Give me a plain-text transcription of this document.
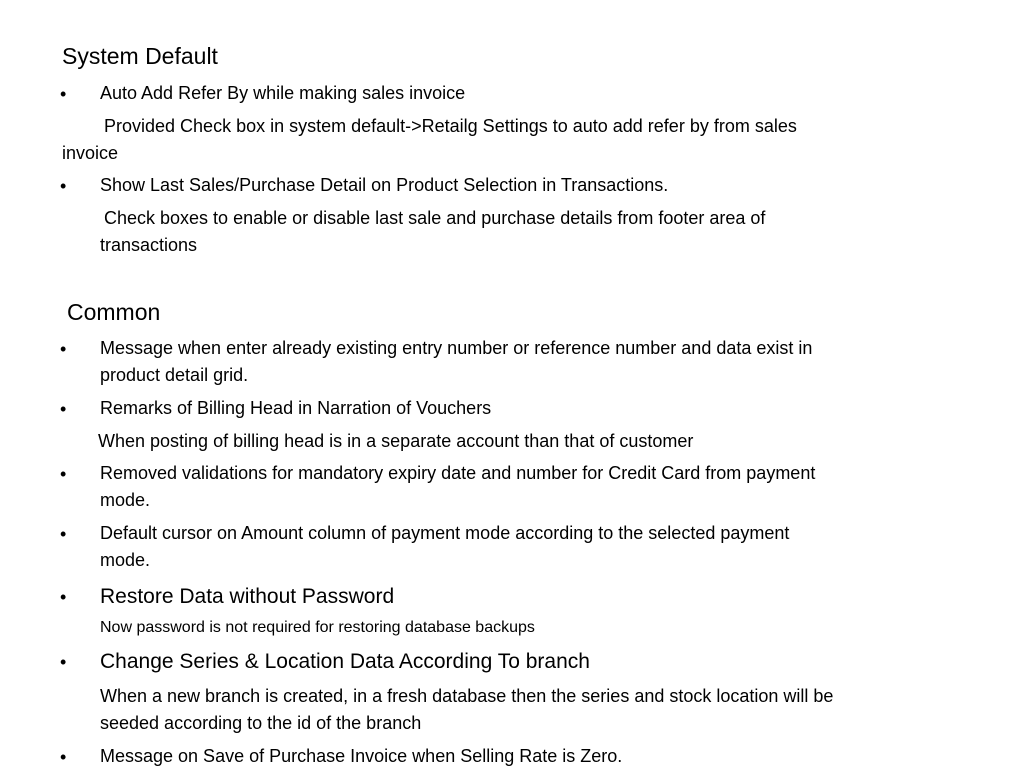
System Default
• Auto Add Refer By while making sales invoice
Provided Check box in system default->Retailg Settings to auto add refer by from sales
invoice
• Show Last Sales/Purchase Detail on Product Selection in Transactions.
Check boxes to enable or disable last sale and purchase details from footer area of
transactions
Common
• Message when enter already existing entry number or reference number and data exist in
product detail grid.
• Remarks of Billing Head in Narration of Vouchers
When posting of billing head is in a separate account than that of customer
• Removed validations for mandatory expiry date and number for Credit Card from payment
mode.
• Default cursor on Amount column of payment mode according to the selected payment
mode.
• Restore Data without Password
Now password is not required for restoring database backups
• Change Series & Location Data According To branch
When a new branch is created, in a fresh database then the series and stock location will be
seeded according to the id of the branch
• Message on Save of Purchase Invoice when Selling Rate is Zero.
